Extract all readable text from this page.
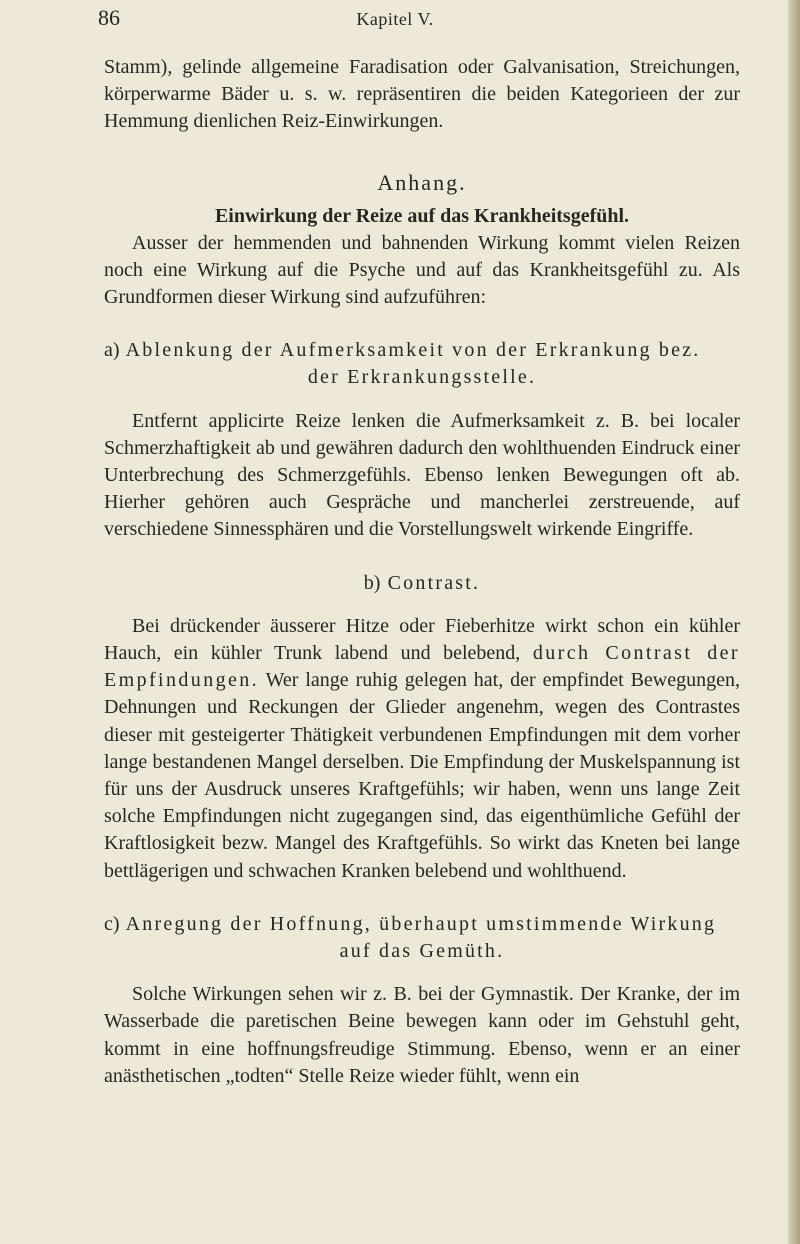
86	Kapitel V.

Stamm), gelinde allgemeine Faradisation oder Galvanisation, Streichungen, körperwarme Bäder u. s. w. repräsentiren die beiden Kategorieen der zur Hemmung dienlichen Reiz-Einwirkungen.

Anhang.
Einwirkung der Reize auf das Krankheitsgefühl.

Ausser der hemmenden und bahnenden Wirkung kommt vielen Reizen noch eine Wirkung auf die Psyche und auf das Krankheitsgefühl zu. Als Grundformen dieser Wirkung sind aufzuführen:

a) Ablenkung der Aufmerksamkeit von der Erkrankung bez.
der Erkrankungsstelle.

Entfernt applicirte Reize lenken die Aufmerksamkeit z. B. bei localer Schmerzhaftigkeit ab und gewähren dadurch den wohlthuenden Eindruck einer Unterbrechung des Schmerzgefühls. Ebenso lenken Bewegungen oft ab. Hierher gehören auch Gespräche und mancherlei zerstreuende, auf verschiedene Sinnessphären und die Vorstellungswelt wirkende Eingriffe.

b) Contrast.

Bei drückender äusserer Hitze oder Fieberhitze wirkt schon ein kühler Hauch, ein kühler Trunk labend und belebend, durch Contrast der Empfindungen. Wer lange ruhig gelegen hat, der empfindet Bewegungen, Dehnungen und Reckungen der Glieder angenehm, wegen des Contrastes dieser mit gesteigerter Thätigkeit verbundenen Empfindungen mit dem vorher lange bestandenen Mangel derselben. Die Empfindung der Muskelspannung ist für uns der Ausdruck unseres Kraftgefühls; wir haben, wenn uns lange Zeit solche Empfindungen nicht zugegangen sind, das eigenthümliche Gefühl der Kraftlosigkeit bezw. Mangel des Kraftgefühls. So wirkt das Kneten bei lange bettlägerigen und schwachen Kranken belebend und wohlthuend.

c) Anregung der Hoffnung, überhaupt umstimmende Wirkung
auf das Gemüth.

Solche Wirkungen sehen wir z. B. bei der Gymnastik. Der Kranke, der im Wasserbade die paretischen Beine bewegen kann oder im Gehstuhl geht, kommt in eine hoffnungsfreudige Stimmung. Ebenso, wenn er an einer anästhetischen „todten“ Stelle Reize wieder fühlt, wenn ein
